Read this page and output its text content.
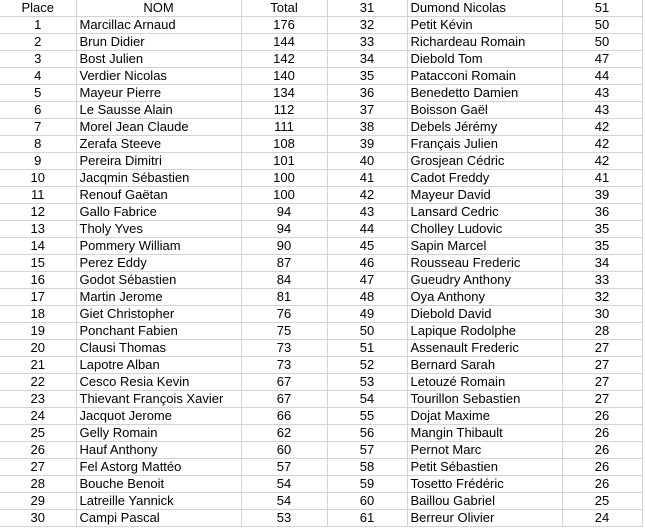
Place	NOM	Total	31	Dumond Nicolas	51
1	Marcillac Arnaud	176	32	Petit Kévin	50
2	Brun Didier	144	33	Richardeau Romain	50
3	Bost Julien	142	34	Diebold Tom	47
4	Verdier Nicolas	140	35	Patacconi Romain	44
5	Mayeur Pierre	134	36	Benedetto Damien	43
6	Le Sausse Alain	112	37	Boisson Gaël	43
7	Morel Jean Claude	111	38	Debels Jérémy	42
8	Zerafa Steeve	108	39	Français Julien	42
9	Pereira Dimitri	101	40	Grosjean Cédric	42
10	Jacqmin Sébastien	100	41	Cadot Freddy	41
11	Renouf Gaëtan	100	42	Mayeur David	39
12	Gallo Fabrice	94	43	Lansard Cedric	36
13	Tholy Yves	94	44	Cholley Ludovic	35
14	Pommery William	90	45	Sapin Marcel	35
15	Perez Eddy	87	46	Rousseau Frederic	34
16	Godot Sébastien	84	47	Gueudry Anthony	33
17	Martin Jerome	81	48	Oya Anthony	32
18	Giet Christopher	76	49	Diebold David	30
19	Ponchant Fabien	75	50	Lapique Rodolphe	28
20	Clausi Thomas	73	51	Assenault Frederic	27
21	Lapotre Alban	73	52	Bernard Sarah	27
22	Cesco Resia Kevin	67	53	Letouzé Romain	27
23	Thievant François Xavier	67	54	Tourillon Sebastien	27
24	Jacquot Jerome	66	55	Dojat Maxime	26
25	Gelly Romain	62	56	Mangin Thibault	26
26	Hauf Anthony	60	57	Pernot Marc	26
27	Fel Astorg Mattéo	57	58	Petit Sébastien	26
28	Bouche Benoit	54	59	Tosetto Frédéric	26
29	Latreille Yannick	54	60	Baillou Gabriel	25
30	Campi Pascal	53	61	Berreur Olivier	24
